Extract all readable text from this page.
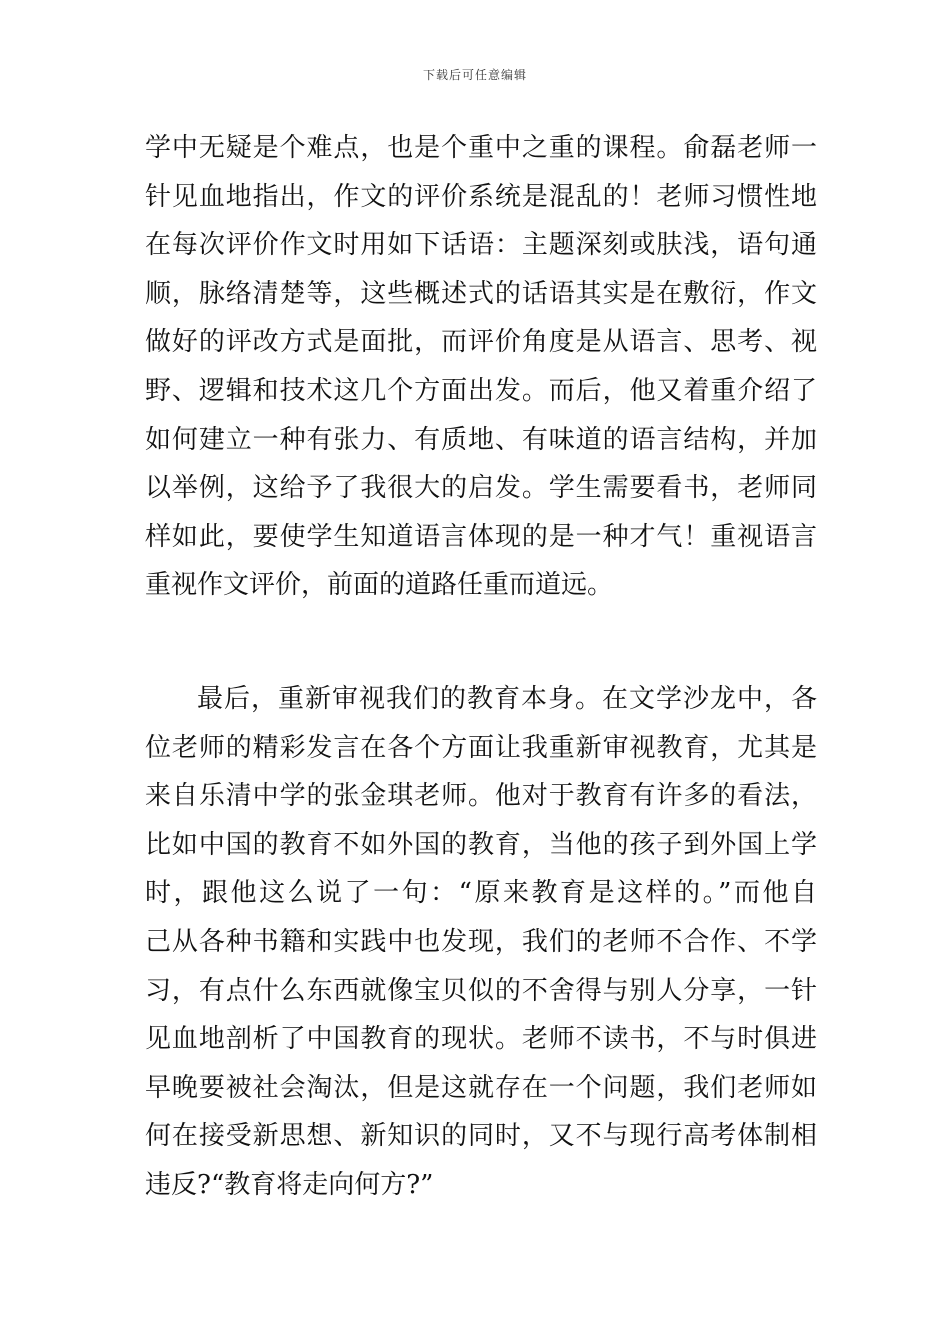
下载后可任意编辑
学中无疑是个难点，也是个重中之重的课程。俞磊老师一
针见血地指出，作文的评价系统是混乱的！老师习惯性地
在每次评价作文时用如下话语：主题深刻或肤浅，语句通
顺，脉络清楚等，这些概述式的话语其实是在敷衍，作文
做好的评改方式是面批，而评价角度是从语言、思考、视
野、逻辑和技术这几个方面出发。而后，他又着重介绍了
如何建立一种有张力、有质地、有味道的语言结构，并加
以举例，这给予了我很大的启发。学生需要看书，老师同
样如此，要使学生知道语言体现的是一种才气！重视语言
重视作文评价，前面的道路任重而道远。
最后，重新审视我们的教育本身。在文学沙龙中，各
位老师的精彩发言在各个方面让我重新审视教育，尤其是
来自乐清中学的张金琪老师。他对于教育有许多的看法，
比如中国的教育不如外国的教育，当他的孩子到外国上学
时，跟他这么说了一句：“原来教育是这样的。”而他自
己从各种书籍和实践中也发现，我们的老师不合作、不学
习，有点什么东西就像宝贝似的不舍得与别人分享，一针
见血地剖析了中国教育的现状。老师不读书，不与时俱进
早晚要被社会淘汰，但是这就存在一个问题，我们老师如
何在接受新思想、新知识的同时，又不与现行高考体制相
违反?“教育将走向何方?”
